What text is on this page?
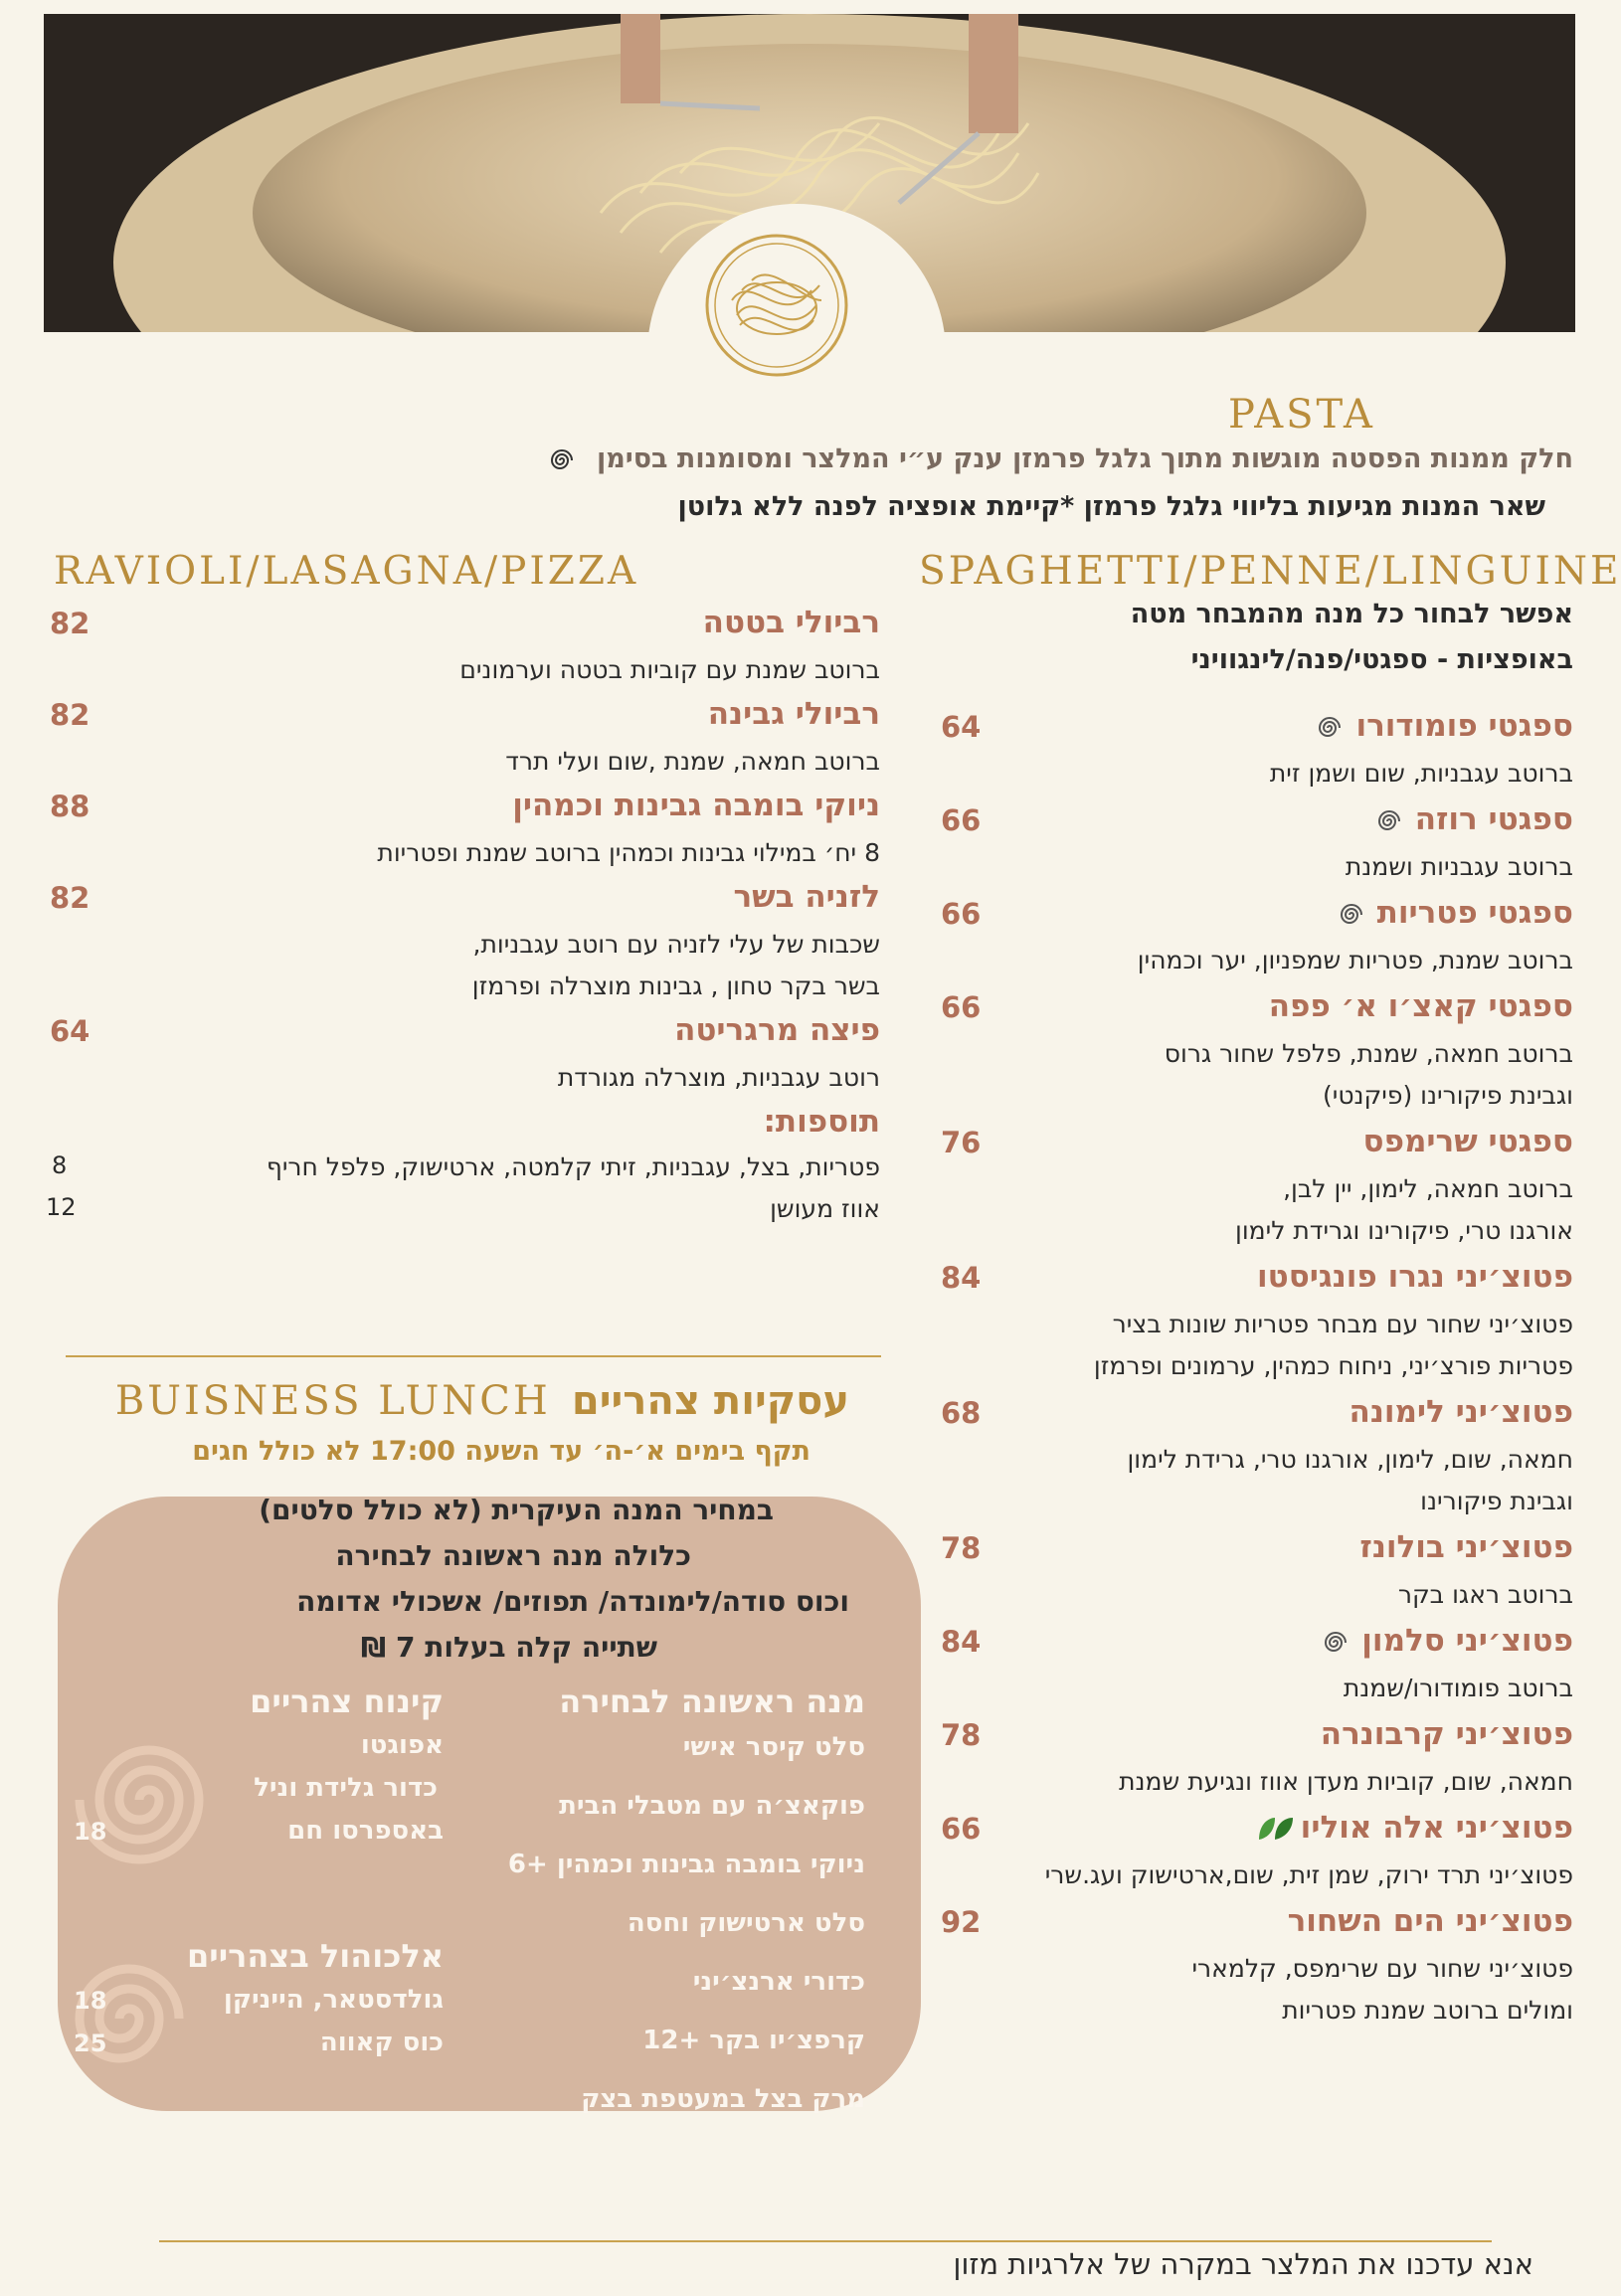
PASTA
חלק ממנות הפסטה מוגשות מתוך גלגל פרמזן ענק ע״י המלצר ומסומנות בסימן
שאר המנות מגיעות בליווי גלגל פרמזן *קיימת אופציה לפנה ללא גלוטן
SPAGHETTI/PENNE/LINGUINE
אפשר לבחור כל מנה מהמבחר מטה
באופציות - ספגטי/פנה/לינגוויני
ספגטי פומודורו
64
ברוטב עגבניות, שום ושמן זית
ספגטי רוזה
66
ברוטב עגבניות ושמנת
ספגטי פטריות
66
ברוטב שמנת, פטריות שמפניון, יער וכמהין
ספגטי קאצ׳ו א׳ פפה
66
ברוטב חמאה, שמנת, פלפל שחור גרוס
וגבינת פיקורינו (פיקנטי)
ספגטי שרימפס
76
ברוטב חמאה, לימון, יין לבן,
אורגנו טרי, פיקורינו וגרידת לימון
פטוצ׳יני נגרו פונגיסטו
84
פטוצ׳יני שחור עם מבחר פטריות שונות בציר
פטריות פורצ׳יני, ניחוח כמהין, ערמונים ופרמזן
פטוצ׳יני לימונה
68
חמאה, שום, לימון, אורגנו טרי, גרידת לימון
וגבינת פיקורינו
פטוצ׳יני בולונז
78
ברוטב ראגו בקר
פטוצ׳יני סלמון
84
ברוטב פומודורו/שמנת
פטוצ׳יני קרבונרה
78
חמאה, שום, קוביות מעדן אווז ונגיעת שמנת
פטוצ׳יני אלה אוליו
66
פטוצ׳יני תרד ירוק, שמן זית, שום,ארטישוק ועג.שרי
פטוצ׳יני הים השחור
92
פטוצ׳יני שחור עם שרימפס, קלמארי
ומולים ברוטב שמנת פטריות
רביולי בטטה
82
ברוטב שמנת עם קוביות בטטה וערמונים
רביולי גבינה
82
ברוטב חמאה, שמנת ,שום ועלי תרד
ניוקי בומבה גבינות וכמהין
88
8 יח׳ במילוי גבינות וכמהין ברוטב שמנת ופטריות
לזניה בשר
82
שכבות של עלי לזניה עם רוטב עגבניות,
בשר בקר טחון , גבינות מוצרלה ופרמזן
פיצה מרגריטה
64
רוטב עגבניות, מוצרלה מגורדת
RAVIOLI/LASAGNA/PIZZA
תוספות:
פטריות, בצל, עגבניות, זיתי קלמטה, ארטישוק, פלפל חריף
8
אווז מעושן
12
עסקיות צהריים BUISNESS LUNCH
תקף בימים א׳-ה׳ עד השעה 17:00 לא כולל חגים
במחיר המנה העיקרית (לא כולל סלטים)
כלולה מנה ראשונה לבחירה
וכוס סודה/לימונדה/ תפוזים/ אשכולי אדומה
שתייה קלה בעלות 7 ₪
מנה ראשונה לבחירה
סלט קיסר אישי
פוקאצ׳ה עם מטבלי הבית
ניוקי בומבה גבינות וכמהין +6
סלט ארטישוק וחסה
כדורי ארנצ׳יני
קרפצ׳יו בקר +12
מרק בצל במעטפת בצק
קינוח צהריים
אפוגטו
כדור גלידת וניל
באספרסו חם
18
אלכוהול בצהריים
גולדסטאר, הייניקן
18
כוס קאווה
25
אנא עדכנו את המלצר במקרה של אלרגיות מזון
